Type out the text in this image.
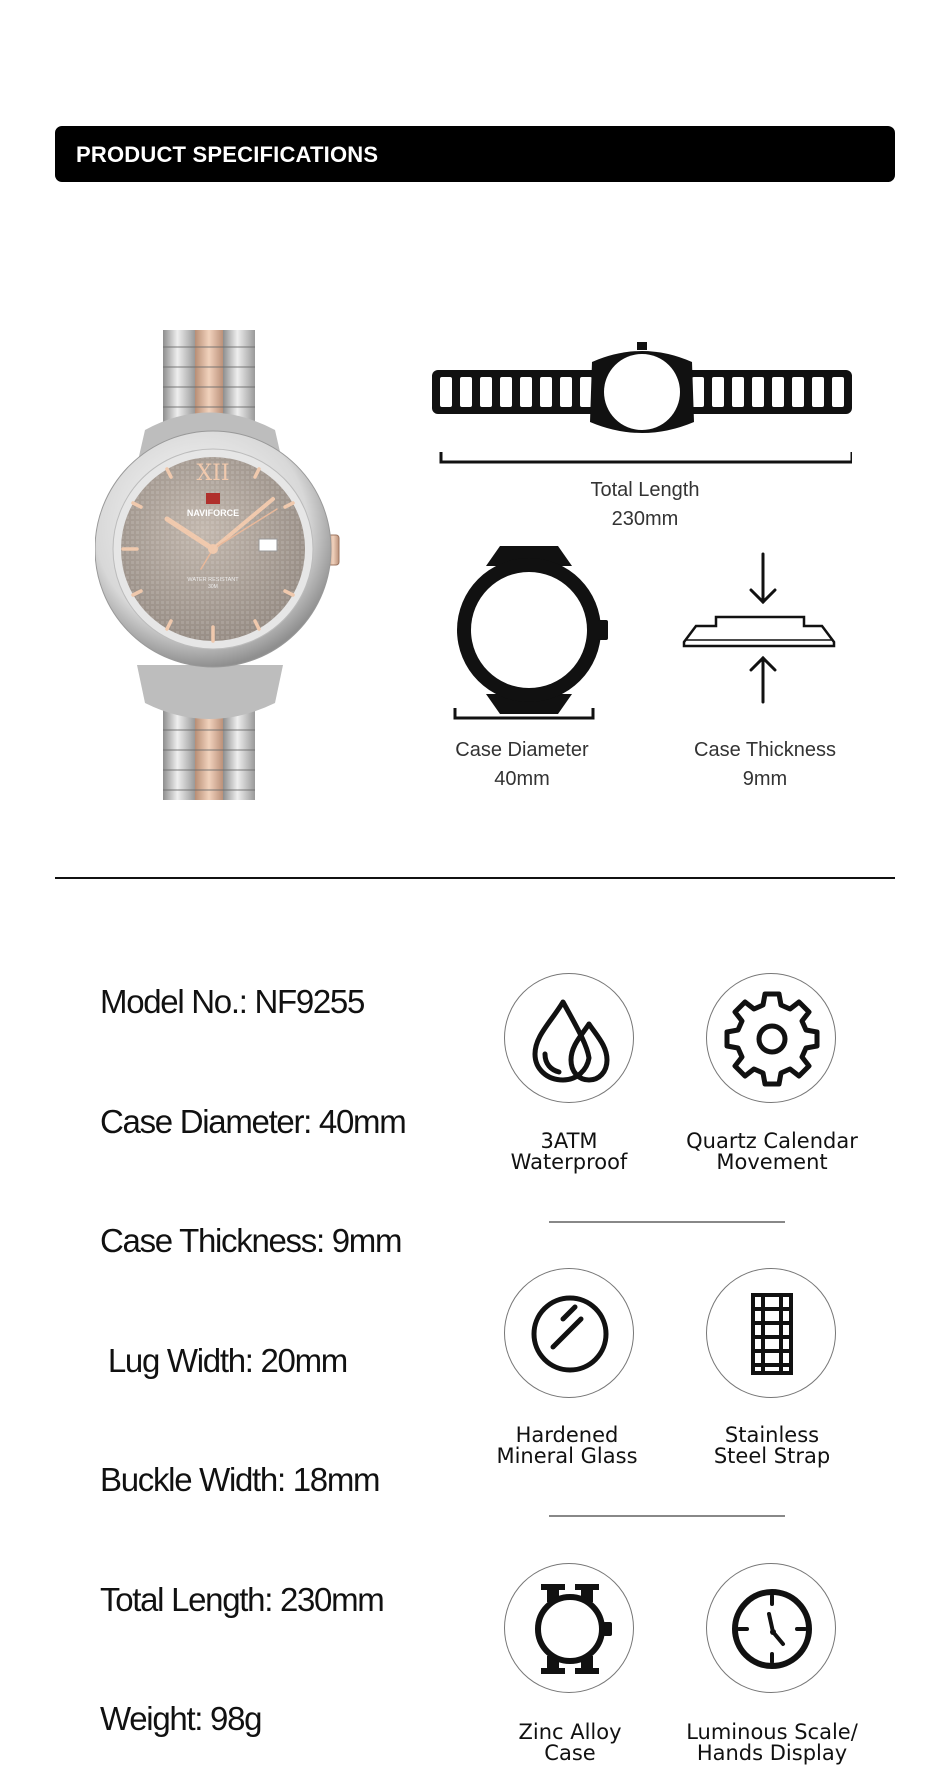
PRODUCT SPECIFICATIONS
XII
NAVIFORCE
WATER RESISTANT
30M
Total Length
230mm
Case Diameter
40mm
Case Thickness
9mm
Model No.: NF9255
Case Diameter: 40mm
Case Thickness: 9mm
Lug Width: 20mm
Buckle Width: 18mm
Total Length: 230mm
Weight: 98g
3ATM
Waterproof
Quartz Calendar
Movement
Hardened
Mineral Glass
Stainless
Steel Strap
Zinc Alloy
Case
Luminous Scale/
Hands Display
